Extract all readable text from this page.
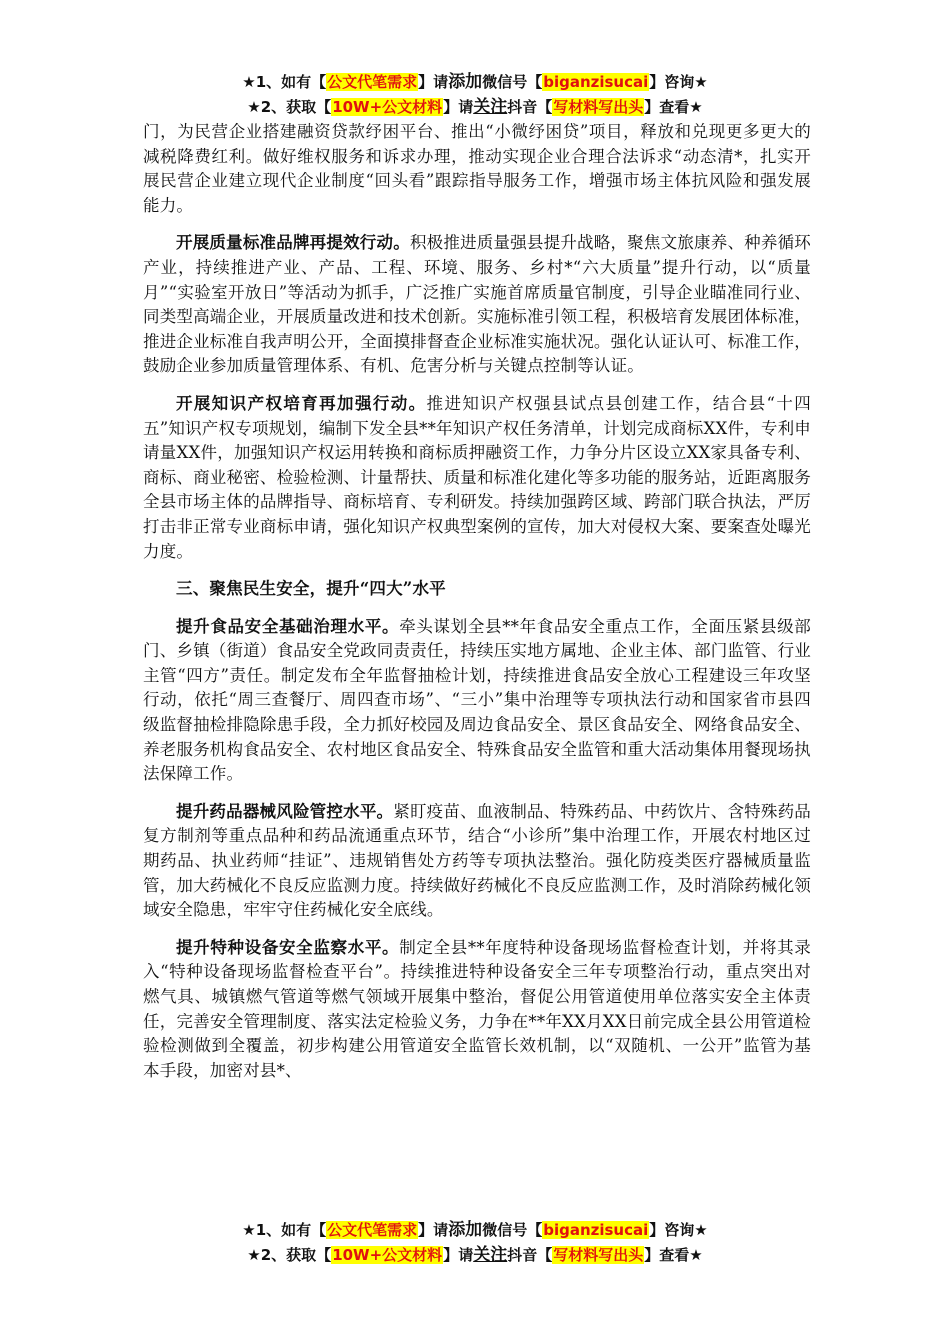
★1、如有【公文代笔需求】请添加微信号【biganzisucai】咨询★
★2、获取【10W+公文材料】请关注抖音【写材料写出头】查看★

门，为民营企业搭建融资贷款纾困平台、推出“小微纾困贷”项目，释放和兑现更多更大的减税降费红利。做好维权服务和诉求办理，推动实现企业合理合法诉求“动态清*，扎实开展民营企业建立现代企业制度“回头看”跟踪指导服务工作，增强市场主体抗风险和强发展能力。

开展质量标准品牌再提效行动。积极推进质量强县提升战略，聚焦文旅康养、种养循环产业，持续推进产业、产品、工程、环境、服务、乡村*“六大质量”提升行动，以“质量月”“实验室开放日”等活动为抓手，广泛推广实施首席质量官制度，引导企业瞄准同行业、同类型高端企业，开展质量改进和技术创新。实施标准引领工程，积极培育发展团体标准，推进企业标准自我声明公开，全面摸排督查企业标准实施状况。强化认证认可、标准工作，鼓励企业参加质量管理体系、有机、危害分析与关键点控制等认证。

开展知识产权培育再加强行动。推进知识产权强县试点县创建工作，结合县“十四五”知识产权专项规划，编制下发全县**年知识产权任务清单，计划完成商标XX件，专利申请量XX件，加强知识产权运用转换和商标质押融资工作，力争分片区设立XX家具备专利、商标、商业秘密、检验检测、计量帮扶、质量和标准化建化等多功能的服务站，近距离服务全县市场主体的品牌指导、商标培育、专利研发。持续加强跨区域、跨部门联合执法，严厉打击非正常专业商标申请，强化知识产权典型案例的宣传，加大对侵权大案、要案查处曝光力度。

三、聚焦民生安全，提升“四大”水平

提升食品安全基础治理水平。牵头谋划全县**年食品安全重点工作，全面压紧县级部门、乡镇（街道）食品安全党政同责责任，持续压实地方属地、企业主体、部门监管、行业主管“四方”责任。制定发布全年监督抽检计划，持续推进食品安全放心工程建设三年攻坚行动，依托“周三查餐厅、周四查市场”、“三小”集中治理等专项执法行动和国家省市县四级监督抽检排隐除患手段，全力抓好校园及周边食品安全、景区食品安全、网络食品安全、养老服务机构食品安全、农村地区食品安全、特殊食品安全监管和重大活动集体用餐现场执法保障工作。

提升药品器械风险管控水平。紧盯疫苗、血液制品、特殊药品、中药饮片、含特殊药品复方制剂等重点品种和药品流通重点环节，结合“小诊所”集中治理工作，开展农村地区过期药品、执业药师“挂证”、违规销售处方药等专项执法整治。强化防疫类医疗器械质量监管，加大药械化不良反应监测力度。持续做好药械化不良反应监测工作，及时消除药械化领域安全隐患，牢牢守住药械化安全底线。

提升特种设备安全监察水平。制定全县**年度特种设备现场监督检查计划，并将其录入“特种设备现场监督检查平台”。持续推进特种设备安全三年专项整治行动，重点突出对燃气具、城镇燃气管道等燃气领域开展集中整治，督促公用管道使用单位落实安全主体责任，完善安全管理制度、落实法定检验义务，力争在**年XX月XX日前完成全县公用管道检验检测做到全覆盖，初步构建公用管道安全监管长效机制，以“双随机、一公开”监管为基本手段，加密对县*、

★1、如有【公文代笔需求】请添加微信号【biganzisucai】咨询★
★2、获取【10W+公文材料】请关注抖音【写材料写出头】查看★
